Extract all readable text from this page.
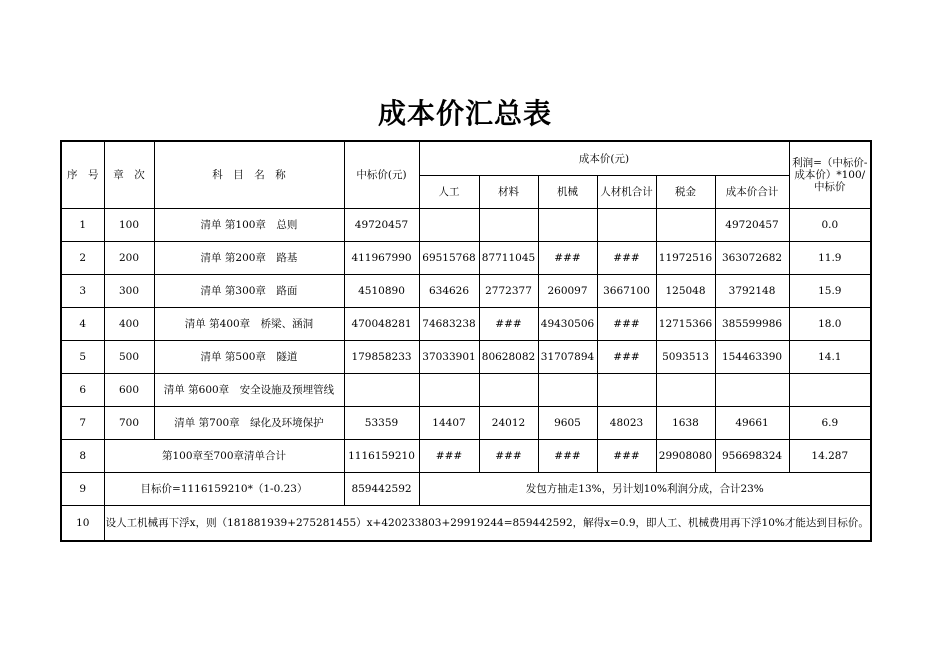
成本价汇总表
序　号	章　次	科　目　名　称	中标价(元)	成本价(元)						利润=（中标价-成本价）*100/中标价
				人工	材料	机械	人材机合计	税金	成本价合计	
1	100	清单 第100章　总则	49720457						49720457	0.0
2	200	清单 第200章　路基	411967990	69515768	87711045	###	###	11972516	363072682	11.9
3	300	清单 第300章　路面	4510890	634626	2772377	260097	3667100	125048	3792148	15.9
4	400	清单 第400章　桥梁、涵洞	470048281	74683238	###	49430506	###	12715366	385599986	18.0
5	500	清单 第500章　隧道	179858233	37033901	80628082	31707894	###	5093513	154463390	14.1
6	600	清单 第600章　安全设施及预埋管线								
7	700	清单 第700章　绿化及环境保护	53359	14407	24012	9605	48023	1638	49661	6.9
8	第100章至700章清单合计		1116159210	###	###	###	###	29908080	956698324	14.287
9	目标价=1116159210*（1-0.23）		859442592	发包方抽走13%，另计划10%利润分成，合计23%						
10	设人工机械再下浮x，则（181881939+275281455）x+420233803+29919244=859442592，解得x=0.9，即人工、机械费用再下浮10%才能达到目标价。									
